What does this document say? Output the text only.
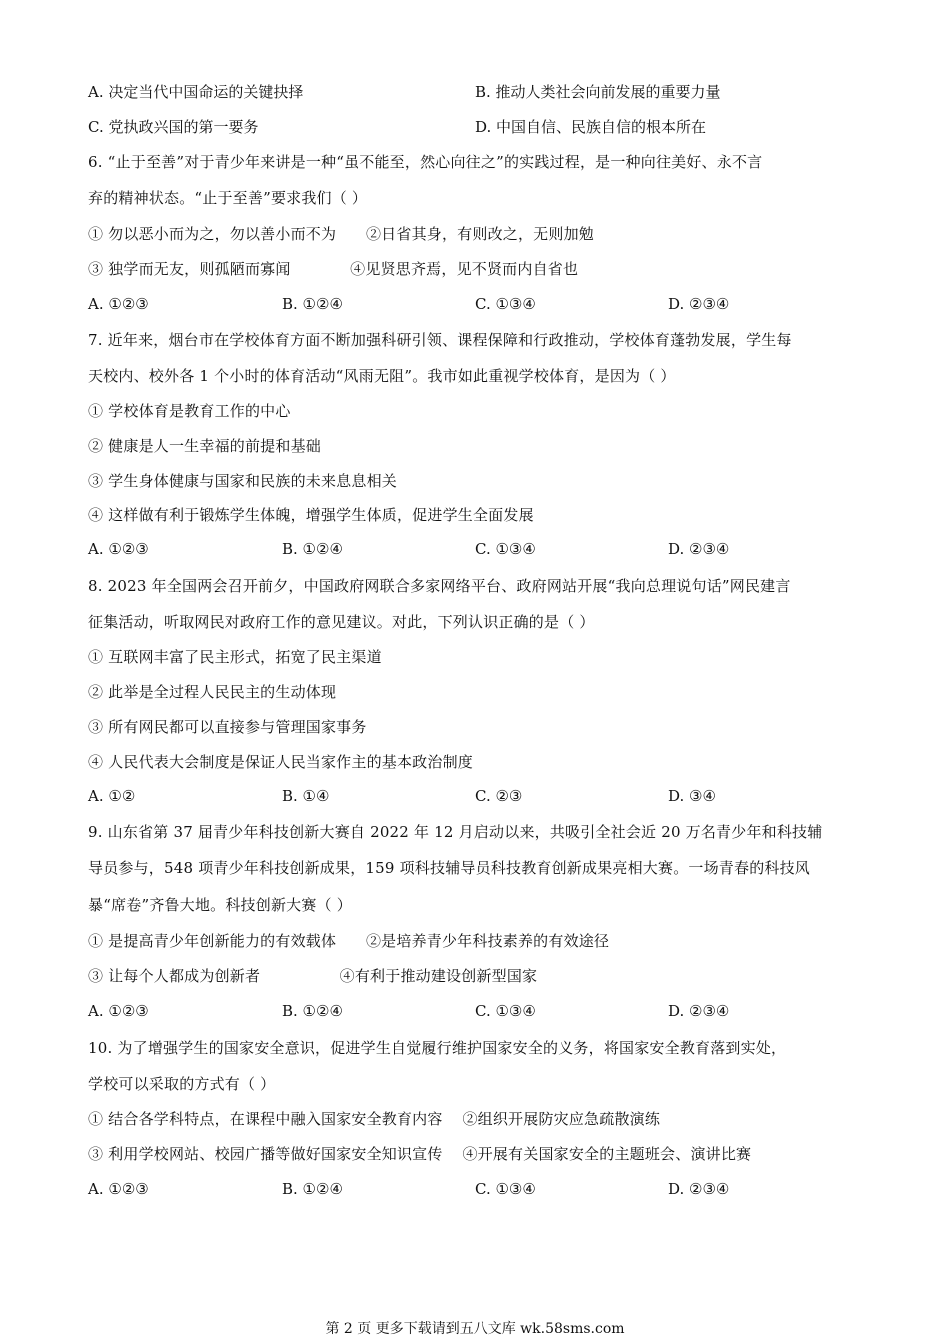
A. 决定当代中国命运的关键抉择	B. 推动人类社会向前发展的重要力量
C. 党执政兴国的第一要务	D. 中国自信、民族自信的根本所在
6. “止于至善”对于青少年来讲是一种“虽不能至，然心向往之”的实践过程，是一种向往美好、永不言
弃的精神状态。“止于至善”要求我们（ ）
① 勿以恶小而为之，勿以善小而不为      ②日省其身，有则改之，无则加勉
③ 独学而无友，则孤陋而寡闻            ④见贤思齐焉，见不贤而内自省也
A. ①②③	B. ①②④	C. ①③④	D. ②③④
7. 近年来，烟台市在学校体育方面不断加强科研引领、课程保障和行政推动，学校体育蓬勃发展，学生每
天校内、校外各 1 个小时的体育活动“风雨无阻”。我市如此重视学校体育，是因为（ ）
① 学校体育是教育工作的中心
② 健康是人一生幸福的前提和基础
③ 学生身体健康与国家和民族的未来息息相关
④ 这样做有利于锻炼学生体魄，增强学生体质，促进学生全面发展
A. ①②③	B. ①②④	C. ①③④	D. ②③④
8. 2023 年全国两会召开前夕，中国政府网联合多家网络平台、政府网站开展“我向总理说句话”网民建言
征集活动，听取网民对政府工作的意见建议。对此，下列认识正确的是（ ）
① 互联网丰富了民主形式，拓宽了民主渠道
② 此举是全过程人民民主的生动体现
③ 所有网民都可以直接参与管理国家事务
④ 人民代表大会制度是保证人民当家作主的基本政治制度
A. ①②	B. ①④	C. ②③	D. ③④
9. 山东省第 37 届青少年科技创新大赛自 2022 年 12 月启动以来，共吸引全社会近 20 万名青少年和科技辅
导员参与，548 项青少年科技创新成果，159 项科技辅导员科技教育创新成果亮相大赛。一场青春的科技风
暴“席卷”齐鲁大地。科技创新大赛（ ）
① 是提高青少年创新能力的有效载体      ②是培养青少年科技素养的有效途径
③ 让每个人都成为创新者                ④有利于推动建设创新型国家
A. ①②③	B. ①②④	C. ①③④	D. ②③④
10. 为了增强学生的国家安全意识，促进学生自觉履行维护国家安全的义务，将国家安全教育落到实处，
学校可以采取的方式有（ ）
① 结合各学科特点，在课程中融入国家安全教育内容    ②组织开展防灾应急疏散演练
③ 利用学校网站、校园广播等做好国家安全知识宣传    ④开展有关国家安全的主题班会、演讲比赛
A. ①②③	B. ①②④	C. ①③④	D. ②③④
第 2 页 更多下载请到五八文库 wk.58sms.com
